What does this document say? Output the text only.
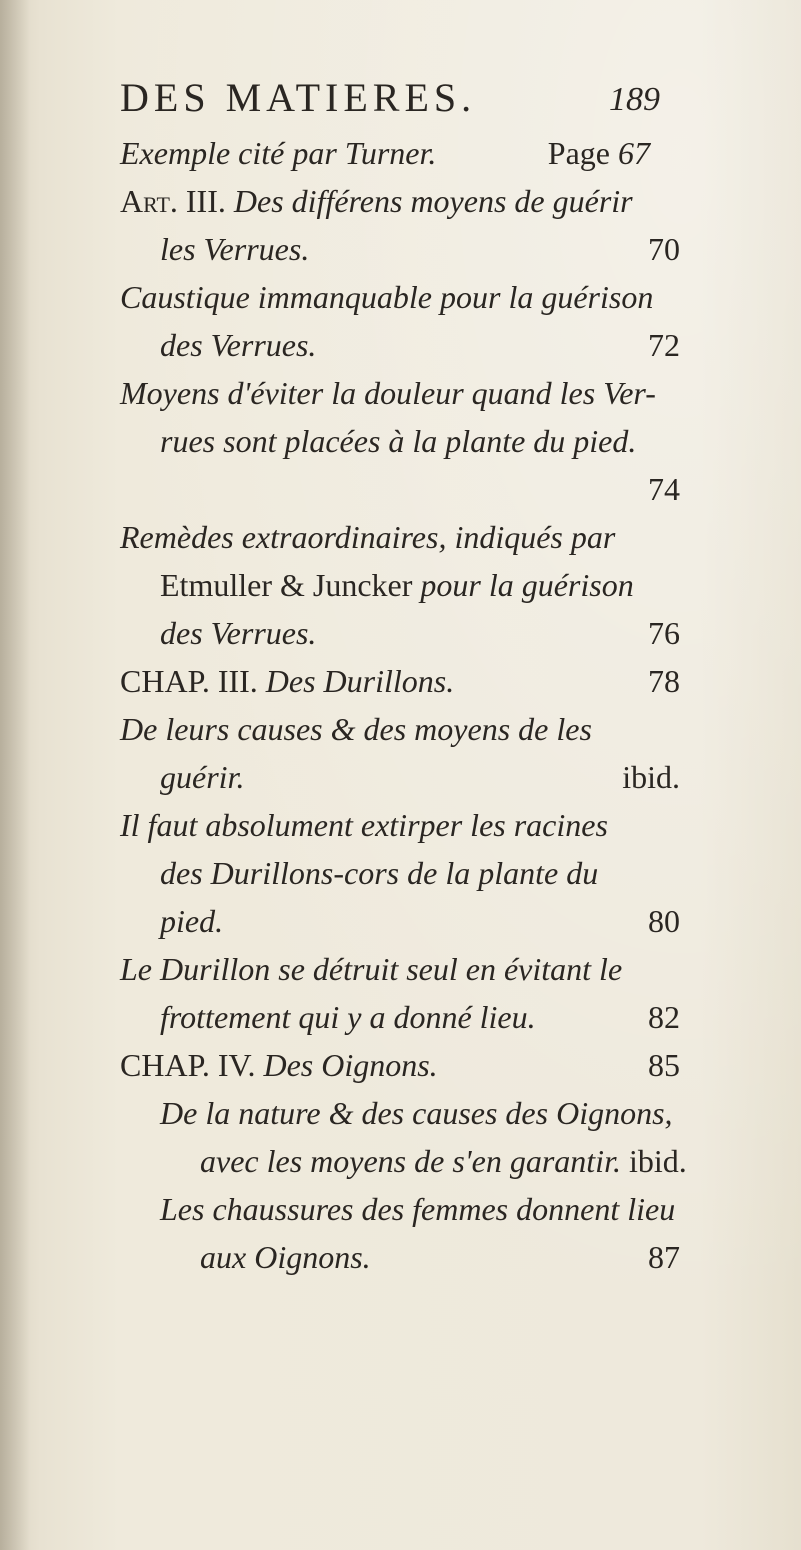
DES MATIERES.	189
Exemple cité par Turner.	Page 67
Art. III. Des différens moyens de guérir
les Verrues.	70
Caustique immanquable pour la guérison
des Verrues.	72
Moyens d'éviter la douleur quand les Ver-
rues sont placées à la plante du pied.
74
Remèdes extraordinaires, indiqués par
Etmuller & Juncker pour la guérison
des Verrues.	76
CHAP. III. Des Durillons.	78
De leurs causes & des moyens de les
guérir.	ibid.
Il faut absolument extirper les racines
des Durillons-cors de la plante du
pied.	80
Le Durillon se détruit seul en évitant le
frottement qui y a donné lieu.	82
CHAP. IV. Des Oignons.	85
De la nature & des causes des Oignons,
avec les moyens de s'en garantir. ibid.
Les chaussures des femmes donnent lieu
aux Oignons.	87
